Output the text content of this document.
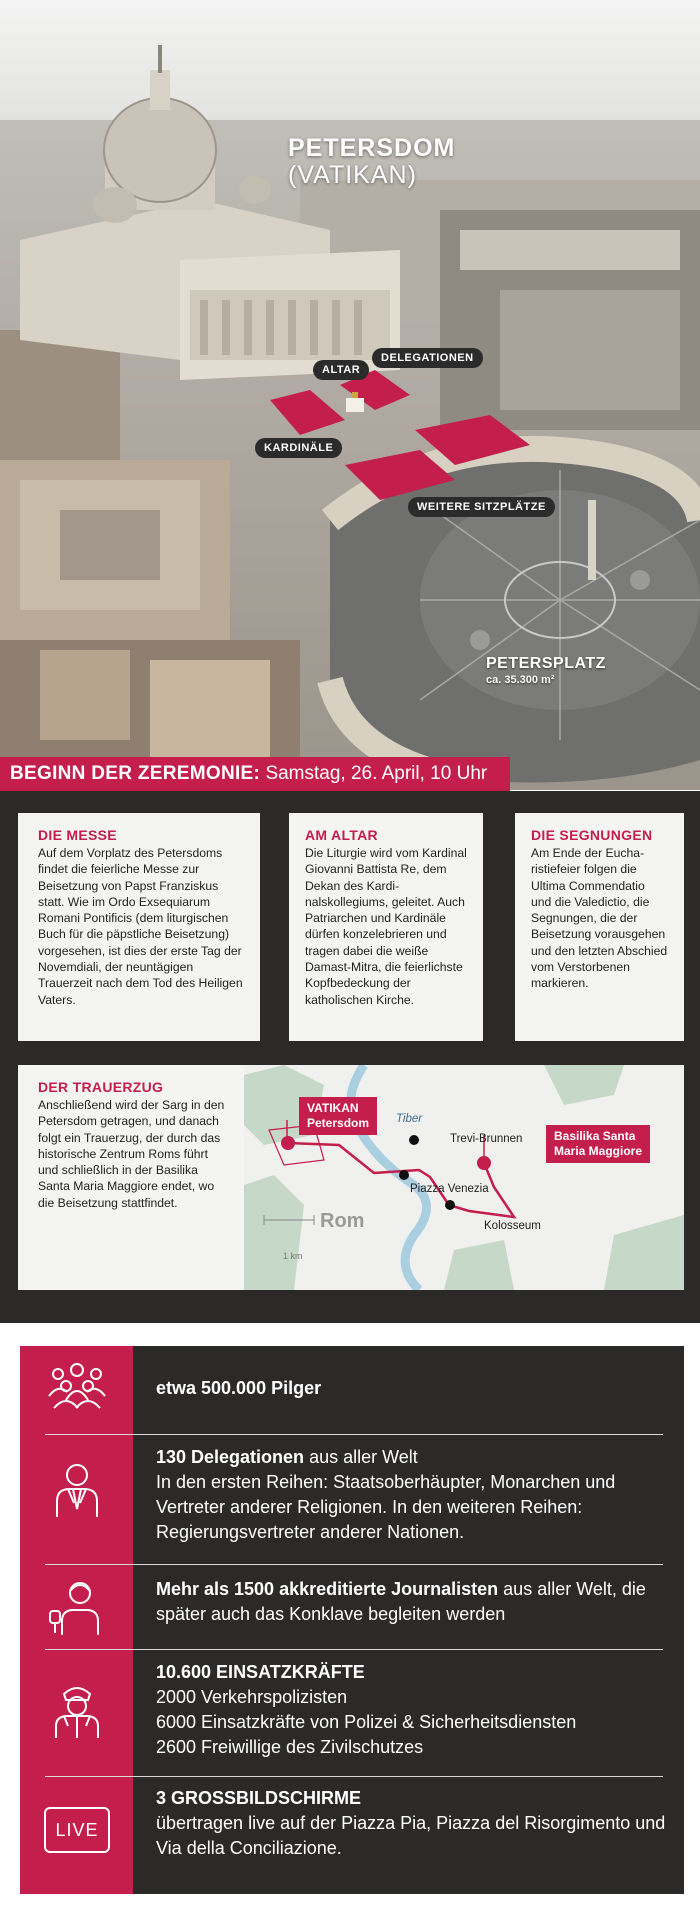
PETERSDOM
(VATIKAN)
ALTAR
DELEGATIONEN
KARDINÄLE
WEITERE SITZPLÄTZE
PETERSPLATZ
ca. 35.300 m²
BEGINN DER ZEREMONIE: Samstag, 26. April, 10 Uhr
DIE MESSE

Auf dem Vorplatz des Petersdoms findet die feierliche Messe zur Beisetzung von Papst Franziskus statt. Wie im Ordo Exsequiarum Romani Pontificis (dem liturgischen Buch für die päpstliche Beisetzung) vorgesehen, ist dies der erste Tag der Novemdiali, der neuntägigen Trauerzeit nach dem Tod des Heiligen Vaters.

AM ALTAR

Die Liturgie wird vom Kardinal Giovanni Battista Re, dem Dekan des Kardinalskollegiums, geleitet. Auch Patriarchen und Kardinäle dürfen konzelebrieren und tragen dabei die weiße Damast-Mitra, die feierlichste Kopfbedeckung der katholischen Kirche.

DIE SEGNUNGEN

Am Ende der Eucharistiefeier folgen die Ultima Commendatio und die Valedictio, die Segnungen, die der Beisetzung vorausgehen und den letzten Abschied vom Verstorbenen markieren.

DER TRAUERZUG

Anschließend wird der Sarg in den Petersdom getragen, und danach folgt ein Trauerzug, der durch das historische Zentrum Roms führt und schließlich in der Basilika Santa Maria Maggiore endet, wo die Beisetzung stattfindet.

VATIKAN
Petersdom
Basilika Santa
Maria Maggiore
Tiber
Rom
1 km
Trevi-Brunnen
Piazza Venezia
Kolosseum
etwa 500.000 Pilger
130 Delegationen aus aller Welt
In den ersten Reihen: Staatsoberhäupter, Monarchen und Vertreter anderer Religionen. In den weiteren Reihen: Regierungsvertreter anderer Nationen.
Mehr als 1500 akkreditierte Journalisten aus aller Welt, die später auch das Konklave begleiten werden
10.600 EINSATZKRÄFTE
2000 Verkehrspolizisten
6000 Einsatzkräfte von Polizei & Sicherheitsdiensten
2600 Freiwillige des Zivilschutzes
LIVE
3 GROSSBILDSCHIRME
übertragen live auf der Piazza Pia, Piazza del Risorgimento und Via della Conciliazione.
